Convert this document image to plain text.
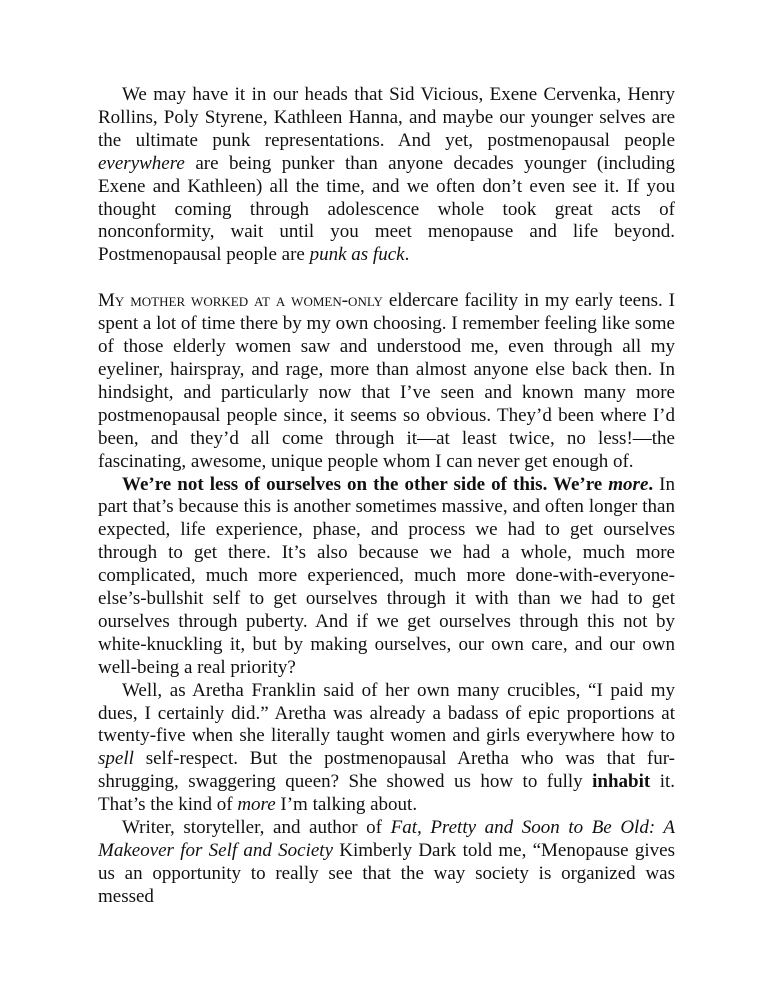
We may have it in our heads that Sid Vicious, Exene Cervenka, Henry Rollins, Poly Styrene, Kathleen Hanna, and maybe our younger selves are the ultimate punk representations. And yet, postmenopausal people everywhere are being punker than anyone decades younger (including Exene and Kathleen) all the time, and we often don’t even see it. If you thought coming through adolescence whole took great acts of nonconformity, wait until you meet menopause and life beyond. Postmenopausal people are punk as fuck.

My mother worked at a women-only eldercare facility in my early teens. I spent a lot of time there by my own choosing. I remember feeling like some of those elderly women saw and understood me, even through all my eyeliner, hairspray, and rage, more than almost anyone else back then. In hindsight, and particularly now that I’ve seen and known many more postmenopausal people since, it seems so obvious. They’d been where I’d been, and they’d all come through it—at least twice, no less!—the fascinating, awesome, unique people whom I can never get enough of.

We’re not less of ourselves on the other side of this. We’re more. In part that’s because this is another sometimes massive, and often longer than expected, life experience, phase, and process we had to get ourselves through to get there. It’s also because we had a whole, much more complicated, much more experienced, much more done-with-everyone-else’s-bullshit self to get ourselves through it with than we had to get ourselves through puberty. And if we get ourselves through this not by white-knuckling it, but by making ourselves, our own care, and our own well-being a real priority?

Well, as Aretha Franklin said of her own many crucibles, “I paid my dues, I certainly did.” Aretha was already a badass of epic proportions at twenty-five when she literally taught women and girls everywhere how to spell self-respect. But the postmenopausal Aretha who was that fur-shrugging, swaggering queen? She showed us how to fully inhabit it. That’s the kind of more I’m talking about.

Writer, storyteller, and author of Fat, Pretty and Soon to Be Old: A Makeover for Self and Society Kimberly Dark told me, “Menopause gives us an opportunity to really see that the way society is organized was messed
